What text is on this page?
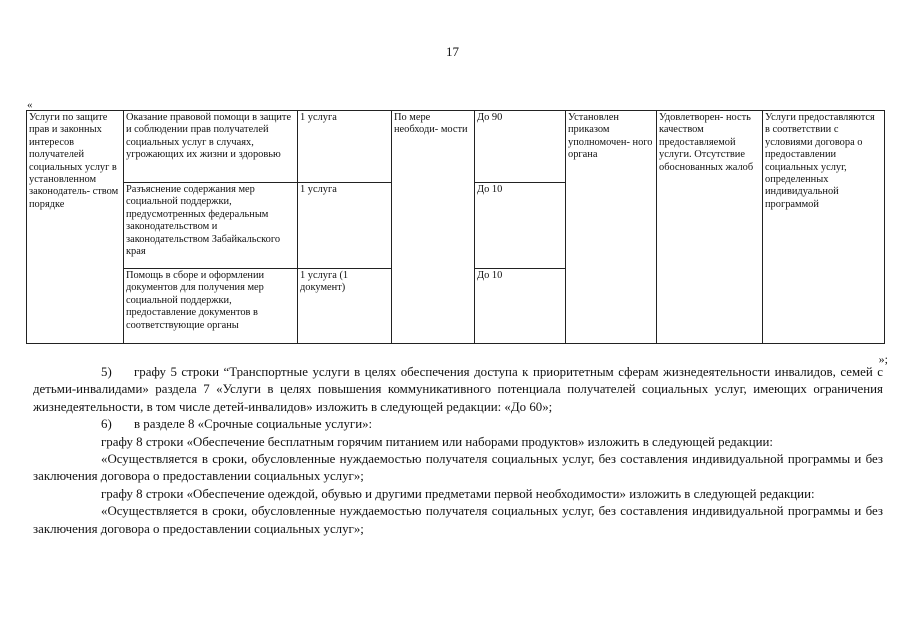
17
«
Услуги по защите прав и законных интересов получателей социальных услуг в установленном законодатель- ством порядке	Оказание правовой помощи в защите и соблюдении прав получателей социальных услуг в случаях, угрожающих их жизни и здоровью	1 услуга	По мере необходи- мости	До 90	Установлен приказом уполномочен- ного органа	Удовлетворен- ность качеством предоставляемой услуги. Отсутствие обоснованных жалоб	Услуги предоставляются в соответствии с условиями договора о предоставлении социальных услуг, определенных индивидуальной программой
	Разъяснение содержания мер социальной поддержки, предусмотренных федеральным законодательством и законодательством Забайкальского края	1 услуга		До 10			
	Помощь в сборе и оформлении документов для получения мер социальной поддержки, предоставление документов в соответствующие органы	1 услуга (1 документ)		До 10			
»;

5) графу 5 строки “Транспортные услуги в целях обеспечения доступа к приоритетным сферам жизнедеятельности инвалидов, семей с детьми-инвалидами» раздела 7 «Услуги в целях повышения коммуникативного потенциала получателей социальных услуг, имеющих ограничения жизнедеятельности, в том числе детей-инвалидов» изложить в следующей редакции: «До 60»;

6) в разделе 8 «Срочные социальные услуги»:

графу 8 строки «Обеспечение бесплатным горячим питанием или наборами продуктов» изложить в следующей редакции:

«Осуществляется в сроки, обусловленные нуждаемостью получателя социальных услуг, без составления индивидуальной программы и без заключения договора о предоставлении социальных услуг»;

графу 8 строки «Обеспечение одеждой, обувью и другими предметами первой необходимости» изложить в следующей редакции:

«Осуществляется в сроки, обусловленные нуждаемостью получателя социальных услуг, без составления индивидуальной программы и без заключения договора о предоставлении социальных услуг»;
